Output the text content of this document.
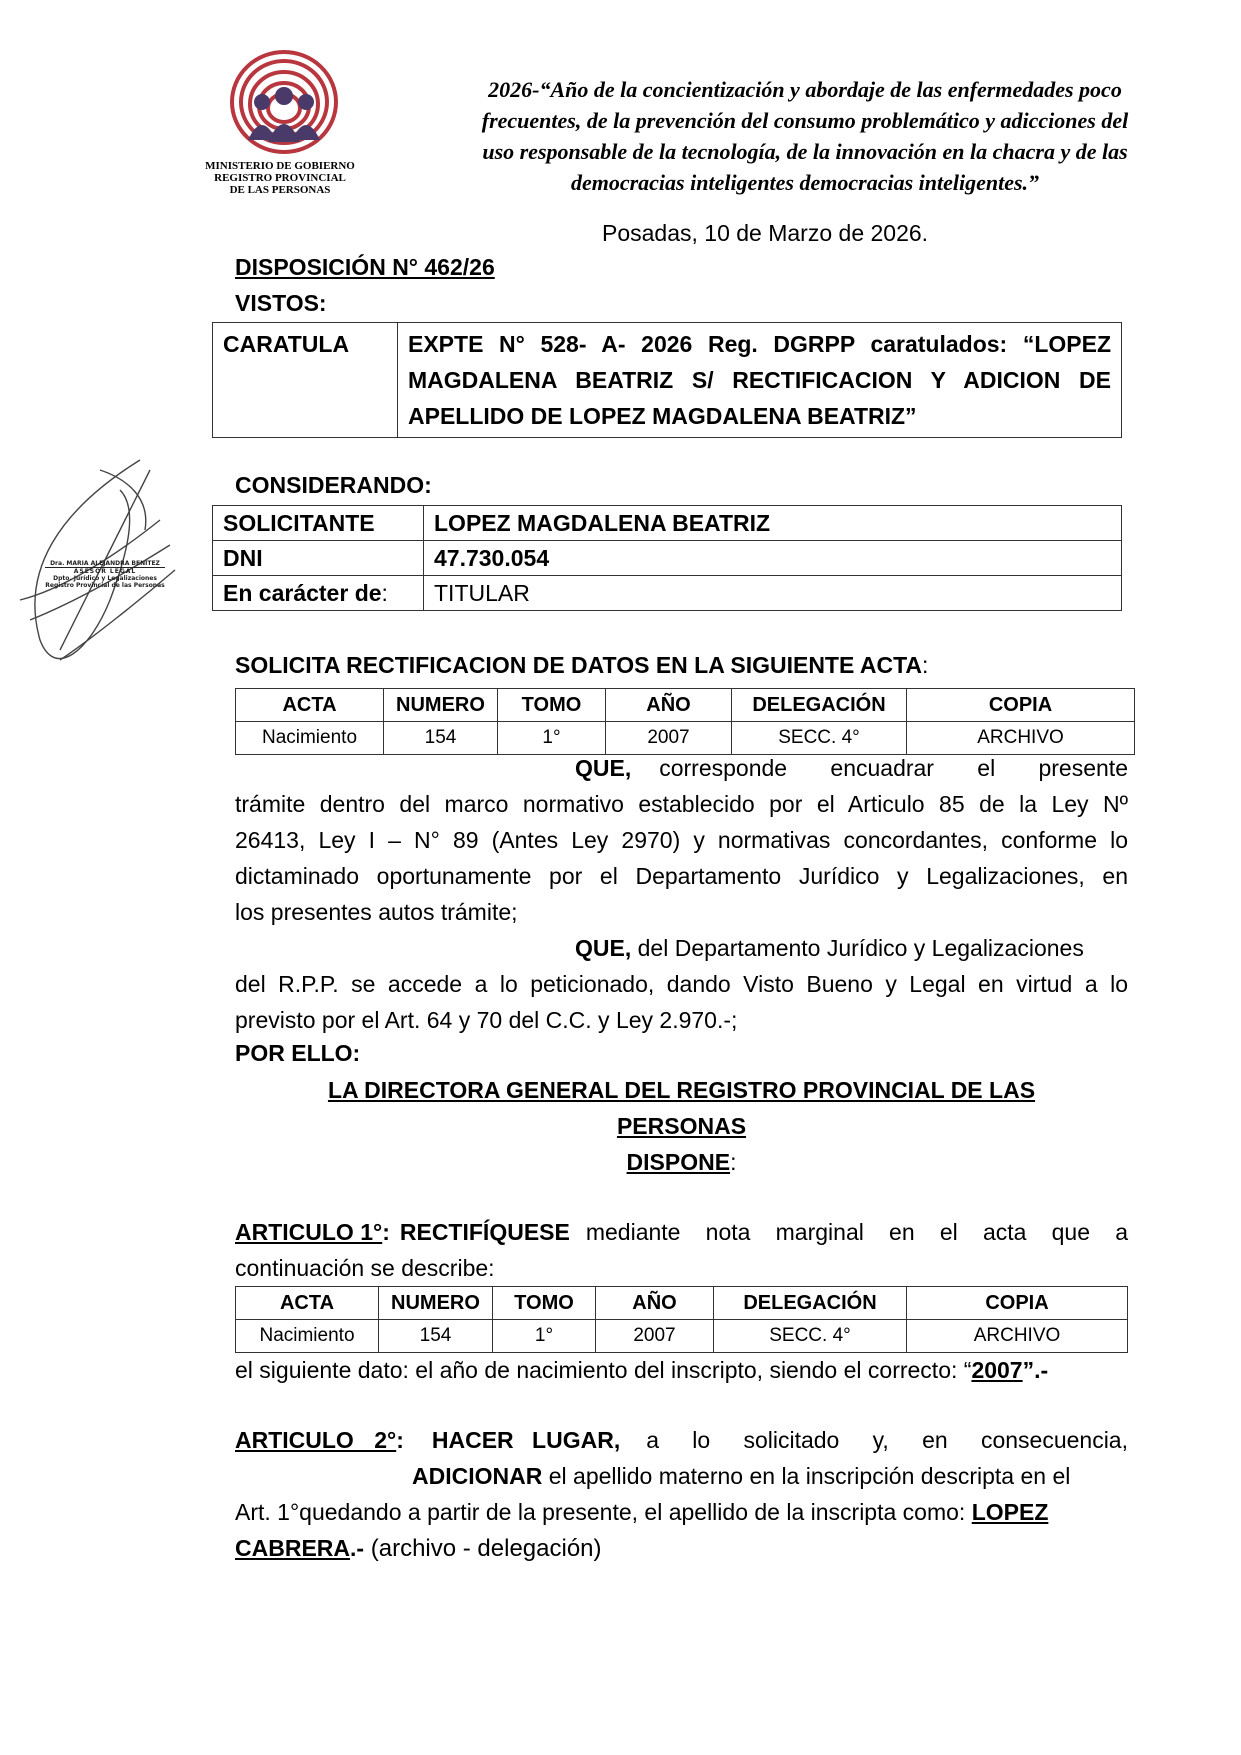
MINISTERIO DE GOBIERNO
REGISTRO PROVINCIAL
DE LAS PERSONAS
2026-“Año de la concientización y abordaje de las enfermedades poco
frecuentes, de la prevención del consumo problemático y adicciones del
uso responsable de la tecnología, de la innovación en la chacra y de las
democracias inteligentes democracias inteligentes.”
Posadas, 10 de Marzo de 2026.
DISPOSICIÓN N° 462/26
VISTOS:
CARATULA	EXPTE N° 528- A- 2026 Reg. DGRPP caratulados: “LOPEZ
MAGDALENA BEATRIZ S/ RECTIFICACION Y ADICION DE
APELLIDO DE LOPEZ MAGDALENA BEATRIZ”
CONSIDERANDO:
SOLICITANTE	LOPEZ MAGDALENA BEATRIZ
DNI	47.730.054
En carácter de:	TITULAR
SOLICITA RECTIFICACION DE DATOS EN LA SIGUIENTE ACTA:
ACTA	NUMERO	TOMO	AÑO	DELEGACIÓN	COPIA
Nacimiento	154	1°	2007	SECC. 4°	ARCHIVO
QUE, corresponde encuadrar el presente
trámite dentro del marco normativo establecido por el Articulo 85 de la Ley Nº
26413, Ley I – N° 89 (Antes Ley 2970) y normativas concordantes, conforme lo
dictaminado oportunamente por el Departamento Jurídico y Legalizaciones, en
los presentes autos trámite;
QUE, del Departamento Jurídico y Legalizaciones
del R.P.P. se accede a lo peticionado, dando Visto Bueno y Legal en virtud a lo
previsto por el Art. 64 y 70 del C.C. y Ley 2.970.-;
POR ELLO:
LA DIRECTORA GENERAL DEL REGISTRO PROVINCIAL DE LAS
PERSONAS
DISPONE:
ARTICULO 1° : RECTIFÍQUESE mediante nota marginal en el acta que a
continuación se describe:
ACTA	NUMERO	TOMO	AÑO	DELEGACIÓN	COPIA
Nacimiento	154	1°	2007	SECC. 4°	ARCHIVO
el siguiente dato: el año de nacimiento del inscripto, siendo el correcto: “2007”.-
ARTICULO 2° : HACER LUGAR, a lo solicitado y, en consecuencia,
ADICIONAR el apellido materno en la inscripción descripta en el
Art. 1°quedando a partir de la presente, el apellido de la inscripta como: LOPEZ
CABRERA.- (archivo - delegación)
Dra. MARIA ALEJANDRA BENITEZ
ASESOR LEGAL
Dpto. Jurídico y Legalizaciones
Registro Provincial de las Personas
